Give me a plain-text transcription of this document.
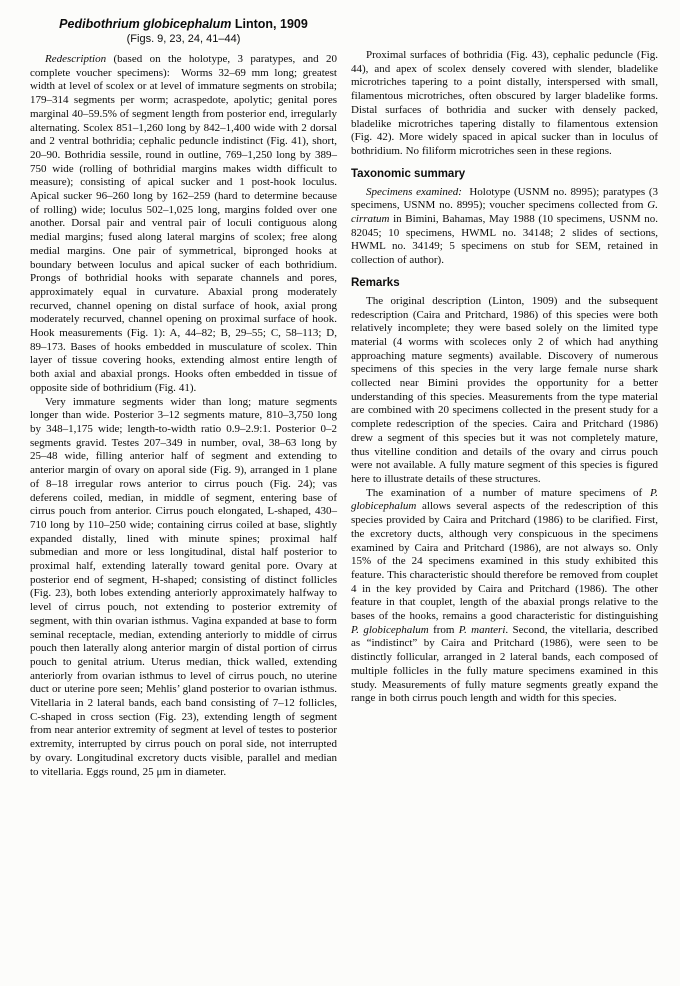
Pedibothrium globicephalum Linton, 1909
(Figs. 9, 23, 24, 41–44)

Redescription (based on the holotype, 3 paratypes, and 20 complete voucher specimens):  Worms 32–69 mm long; greatest width at level of scolex or at level of immature segments on strobila; 179–314 segments per worm; acraspedote, apolytic; genital pores marginal 40–59.5% of segment length from posterior end, irregularly alternating. Scolex 851–1,260 long by 842–1,400 wide with 2 dorsal and 2 ventral bothridia; cephalic peduncle indistinct (Fig. 41), short, 20–90. Bothridia sessile, round in outline, 769–1,250 long by 389–750 wide (rolling of bothridial margins makes width difficult to measure); consisting of apical sucker and 1 post-hook loculus. Apical sucker 96–260 long by 162–259 (hard to determine because of rolling) wide; loculus 502–1,025 long, margins folded over one another. Dorsal pair and ventral pair of loculi contiguous along medial margins; fused along lateral margins of scolex; free along medial margins. One pair of symmetrical, bipronged hooks at boundary between loculus and apical sucker of each bothridium. Prongs of bothridial hooks with separate channels and pores, approximately equal in curvature. Abaxial prong moderately recurved, channel opening on distal surface of hook, axial prong moderately recurved, channel opening on proximal surface of hook. Hook measurements (Fig. 1): A, 44–82; B, 29–55; C, 58–113; D, 89–173. Bases of hooks embedded in musculature of scolex. Thin layer of tissue covering hooks, extending almost entire length of both axial and abaxial prongs. Hooks often embedded in tissue of opposite side of bothridium (Fig. 41).

Very immature segments wider than long; mature segments longer than wide. Posterior 3–12 segments mature, 810–3,750 long by 348–1,175 wide; length-to-width ratio 0.9–2.9:1. Posterior 0–2 segments gravid. Testes 207–349 in number, oval, 38–63 long by 25–48 wide, filling anterior half of segment and extending to anterior margin of ovary on aporal side (Fig. 9), arranged in 1 plane of 8–18 irregular rows anterior to cirrus pouch (Fig. 24); vas deferens coiled, median, in middle of segment, entering base of cirrus pouch from anterior. Cirrus pouch elongated, L-shaped, 430–710 long by 110–250 wide; containing cirrus coiled at base, slightly expanded distally, lined with minute spines; proximal half submedian and more or less longitudinal, distal half posterior to proximal half, extending laterally toward genital pore. Ovary at posterior end of segment, H-shaped; consisting of distinct follicles (Fig. 23), both lobes extending anteriorly approximately halfway to level of cirrus pouch, not extending to posterior extremity of segment, with thin ovarian isthmus. Vagina expanded at base to form seminal receptacle, median, extending anteriorly to middle of cirrus pouch then laterally along anterior margin of distal portion of cirrus pouch to genital atrium. Uterus median, thick walled, extending anteriorly from ovarian isthmus to level of cirrus pouch, no uterine duct or uterine pore seen; Mehlis’ gland posterior to ovarian isthmus. Vitellaria in 2 lateral bands, each band consisting of 7–12 follicles, C-shaped in cross section (Fig. 23), extending length of segment from near anterior extremity of segment at level of testes to posterior extremity, interrupted by cirrus pouch on poral side, not interrupted by ovary. Longitudinal excretory ducts visible, parallel and median to vitellaria. Eggs round, 25 μm in diameter.

Proximal surfaces of bothridia (Fig. 43), cephalic peduncle (Fig. 44), and apex of scolex densely covered with slender, bladelike microtriches tapering to a point distally, interspersed with small, filamentous microtriches, often obscured by larger bladelike forms. Distal surfaces of bothridia and sucker with densely packed, bladelike microtriches tapering distally to filamentous extension (Fig. 42). More widely spaced in apical sucker than in loculus of bothridium. No filiform microtriches seen in these regions.

Taxonomic summary

Specimens examined:  Holotype (USNM no. 8995); paratypes (3 specimens, USNM no. 8995); voucher specimens collected from G. cirratum in Bimini, Bahamas, May 1988 (10 specimens, USNM no. 82045; 10 specimens, HWML no. 34148; 2 slides of sections, HWML no. 34149; 5 specimens on stub for SEM, retained in collection of author).

Remarks

The original description (Linton, 1909) and the subsequent redescription (Caira and Pritchard, 1986) of this species were both relatively incomplete; they were based solely on the limited type material (4 worms with scoleces only 2 of which had anything approaching mature segments) available. Discovery of numerous specimens of this species in the very large female nurse shark collected near Bimini provides the opportunity for a better understanding of this species. Measurements from the type material are combined with 20 specimens collected in the present study for a complete redescription of the species. Caira and Pritchard (1986) drew a segment of this species but it was not completely mature, thus vitelline condition and details of the ovary and cirrus pouch were not available. A fully mature segment of this species is figured here to illustrate details of these structures.

The examination of a number of mature specimens of P. globicephalum allows several aspects of the redescription of this species provided by Caira and Pritchard (1986) to be clarified. First, the excretory ducts, although very conspicuous in the specimens examined by Caira and Pritchard (1986), are not always so. Only 15% of the 24 specimens examined in this study exhibited this feature. This characteristic should therefore be removed from couplet 4 in the key provided by Caira and Pritchard (1986). The other feature in that couplet, length of the abaxial prongs relative to the bases of the hooks, remains a good characteristic for distinguishing P. globicephalum from P. manteri. Second, the vitellaria, described as “indistinct” by Caira and Pritchard (1986), were seen to be distinctly follicular, arranged in 2 lateral bands, each composed of multiple follicles in the fully mature specimens examined in this study. Measurements of fully mature segments greatly expand the range in both cirrus pouch length and width for this species.
